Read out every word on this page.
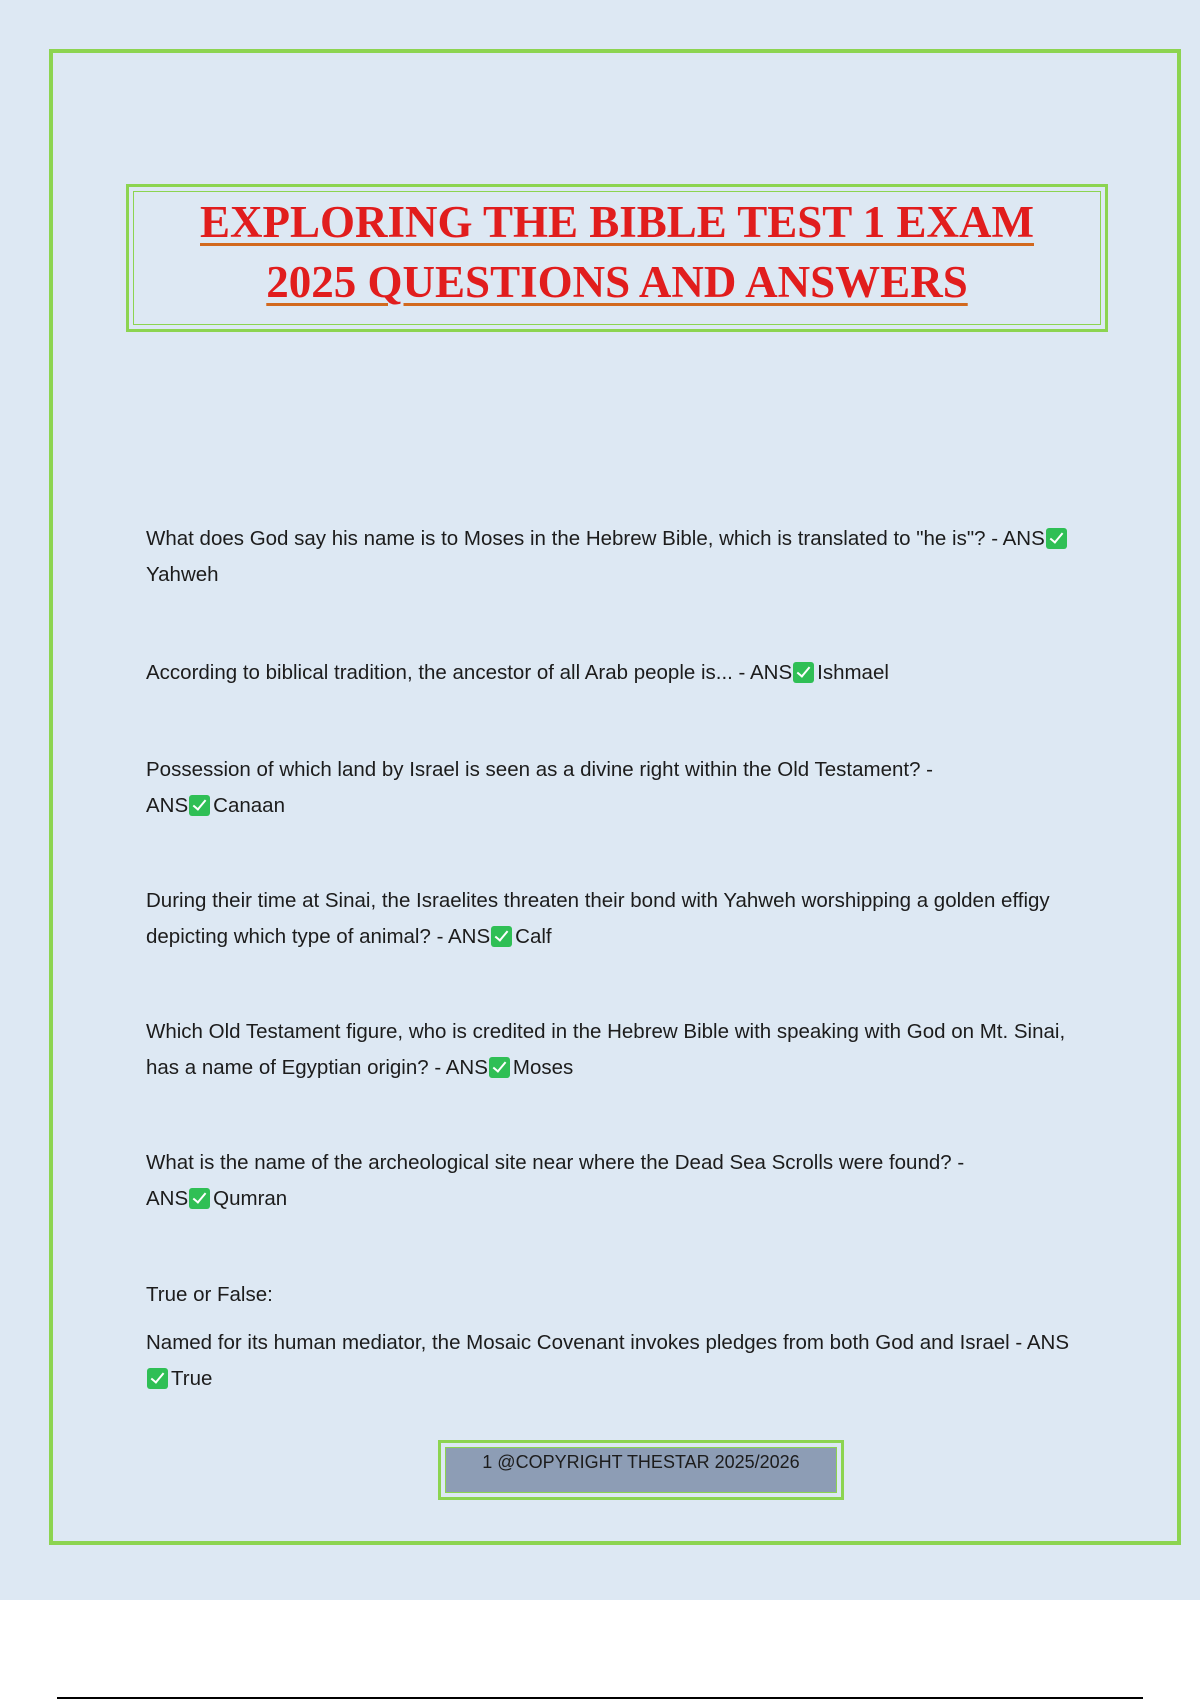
EXPLORING THE BIBLE TEST 1 EXAM
2025 QUESTIONS AND ANSWERS

What does God say his name is to Moses in the Hebrew Bible, which is translated to "he is"? - ANSYahweh

According to biblical tradition, the ancestor of all Arab people is... - ANS Ishmael

Possession of which land by Israel is seen as a divine right within the Old Testament? -
ANS Canaan

During their time at Sinai, the Israelites threaten their bond with Yahweh worshipping a golden effigy depicting which type of animal? - ANS Calf

Which Old Testament figure, who is credited in the Hebrew Bible with speaking with God on Mt. Sinai, has a name of Egyptian origin? - ANS Moses

What is the name of the archeological site near where the Dead Sea Scrolls were found? -
ANS Qumran

True or False:

Named for its human mediator, the Mosaic Covenant invokes pledges from both God and Israel - ANSTrue

1 @COPYRIGHT THESTAR 2025/2026
